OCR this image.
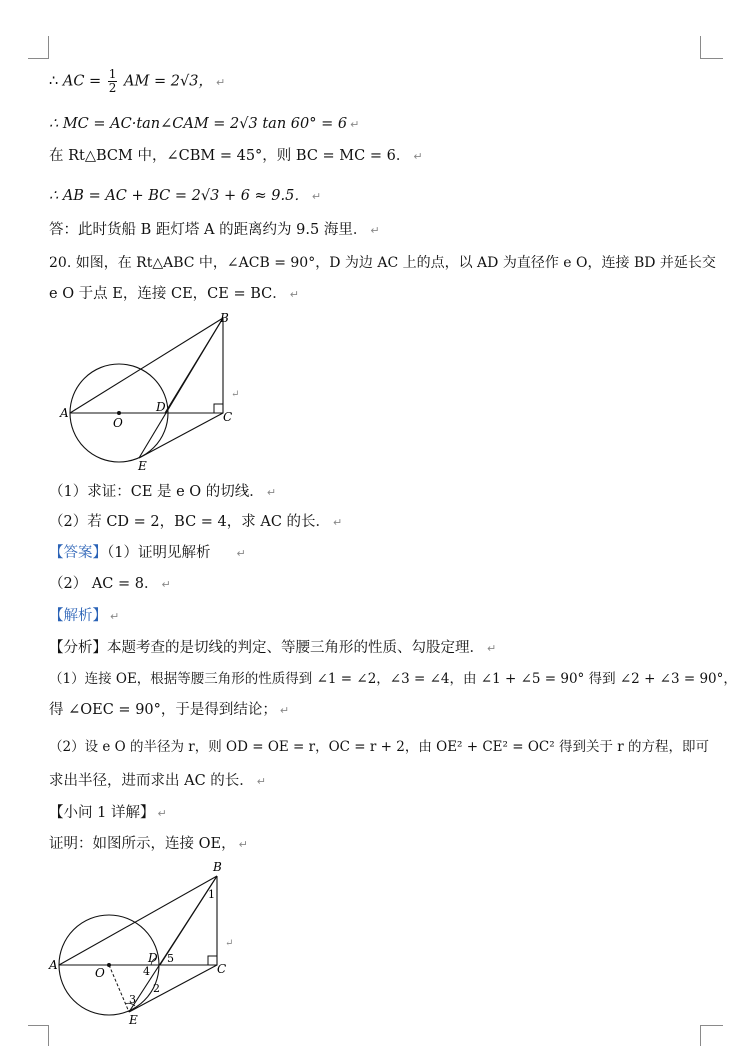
∴ AC = $\frac{1}{2}$ AM = 2√3， ↵
∴ MC = AC·tan∠CAM = 2√3 tan 60° = 6 ↵
在 Rt△BCM 中，∠CBM = 45°，则 BC = MC = 6． ↵
∴ AB = AC + BC = 2√3 + 6 ≈ 9.5． ↵
答：此时货船 B 距灯塔 A 的距离约为 9.5 海里． ↵
20. 如图，在 Rt△ABC 中，∠ACB = 90°，D 为边 AC 上的点，以 AD 为直径作 e O，连接 BD 并延长交
e O 于点 E，连接 CE，CE = BC． ↵
A
B
C
D
E
O
↵
（1）求证：CE 是 e O 的切线． ↵
（2）若 CD = 2，BC = 4，求 AC 的长． ↵
【答案】（1）证明见解析 ↵
（2） AC = 8． ↵
【解析】 ↵
【分析】本题考查的是切线的判定、等腰三角形的性质、勾股定理． ↵
（1）连接 OE，根据等腰三角形的性质得到 ∠1 = ∠2，∠3 = ∠4，由 ∠1 + ∠5 = 90° 得到 ∠2 + ∠3 = 90°，
得 ∠OEC = 90°，于是得到结论； ↵
（2）设 e O 的半径为 r，则 OD = OE = r，OC = r + 2，由 OE² + CE² = OC² 得到关于 r 的方程，即可
求出半径，进而求出 AC 的长． ↵
【小问 1 详解】 ↵
证明：如图所示，连接 OE， ↵
A
B
C
D
E
O
1
2
3
4
5
↵
